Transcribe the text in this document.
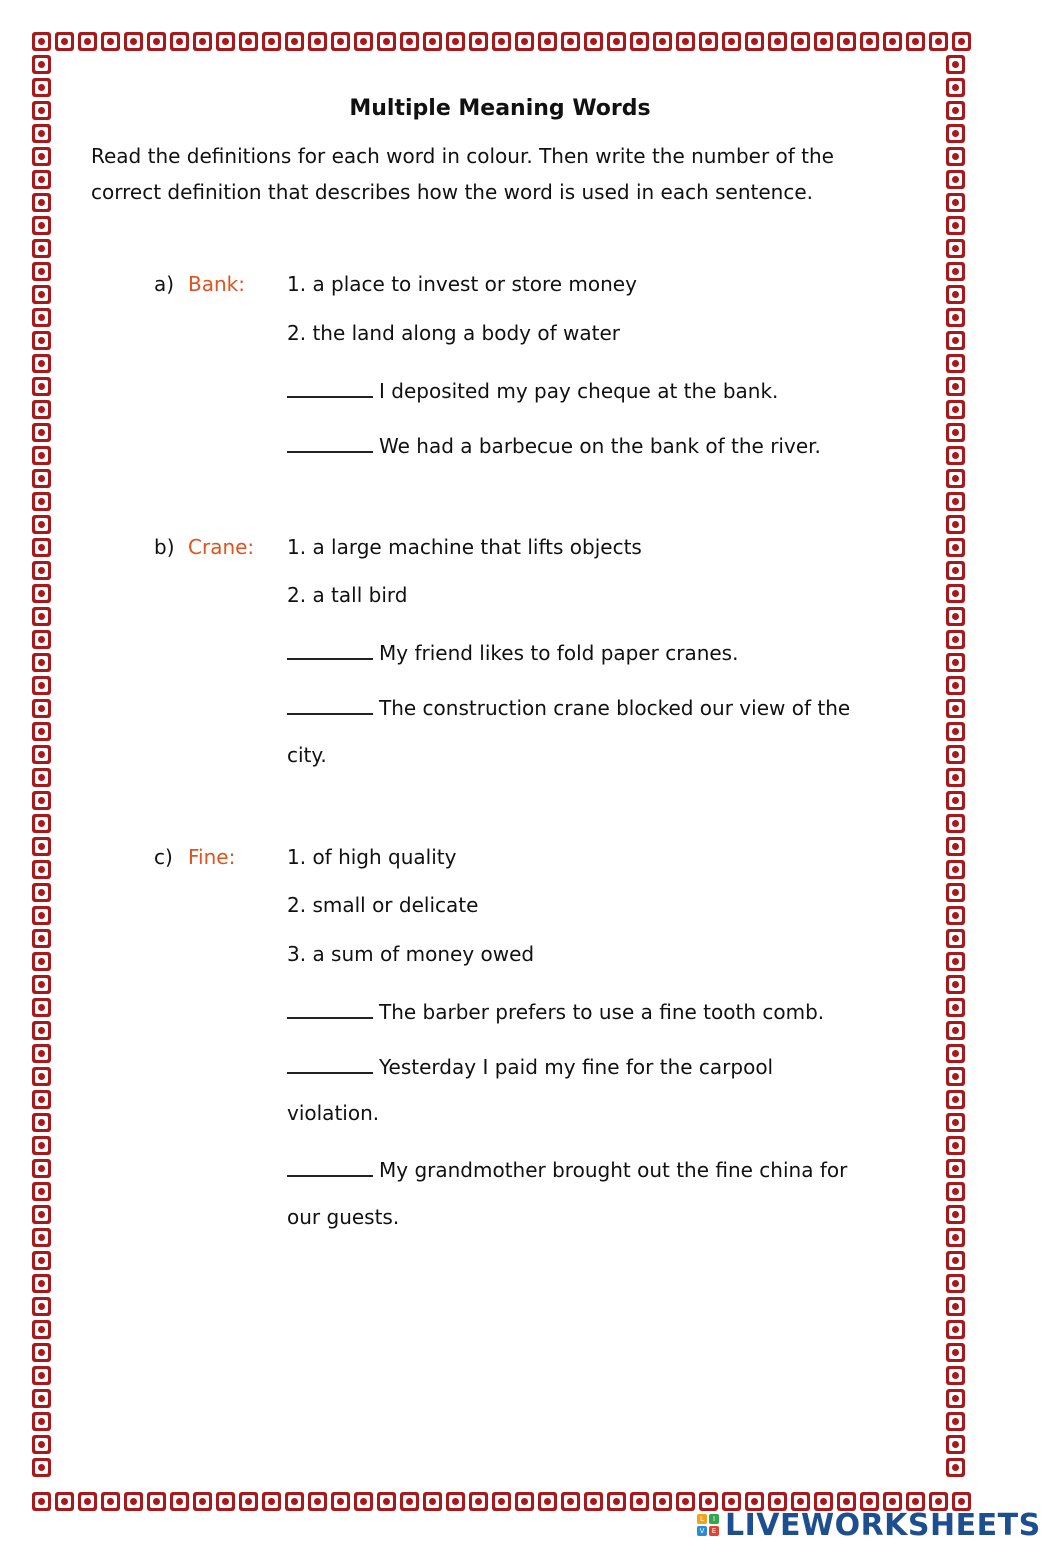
Multiple Meaning Words
Read the definitions for each word in colour. Then write the number of the
correct definition that describes how the word is used in each sentence.
a) Bank: 1. a place to invest or store money
2. the land along a body of water
I deposited my pay cheque at the bank.
We had a barbecue on the bank of the river.
b) Crane: 1. a large machine that lifts objects
2. a tall bird
My friend likes to fold paper cranes.
The construction crane blocked our view of the
city.
c) Fine:	1. of high quality
2. small or delicate
3. a sum of money owed
The barber prefers to use a fine tooth comb.
Yesterday I paid my fine for the carpool
violation.
My grandmother brought out the fine china for
our guests.
L	I
V	E LIVEWORKSHEETS
